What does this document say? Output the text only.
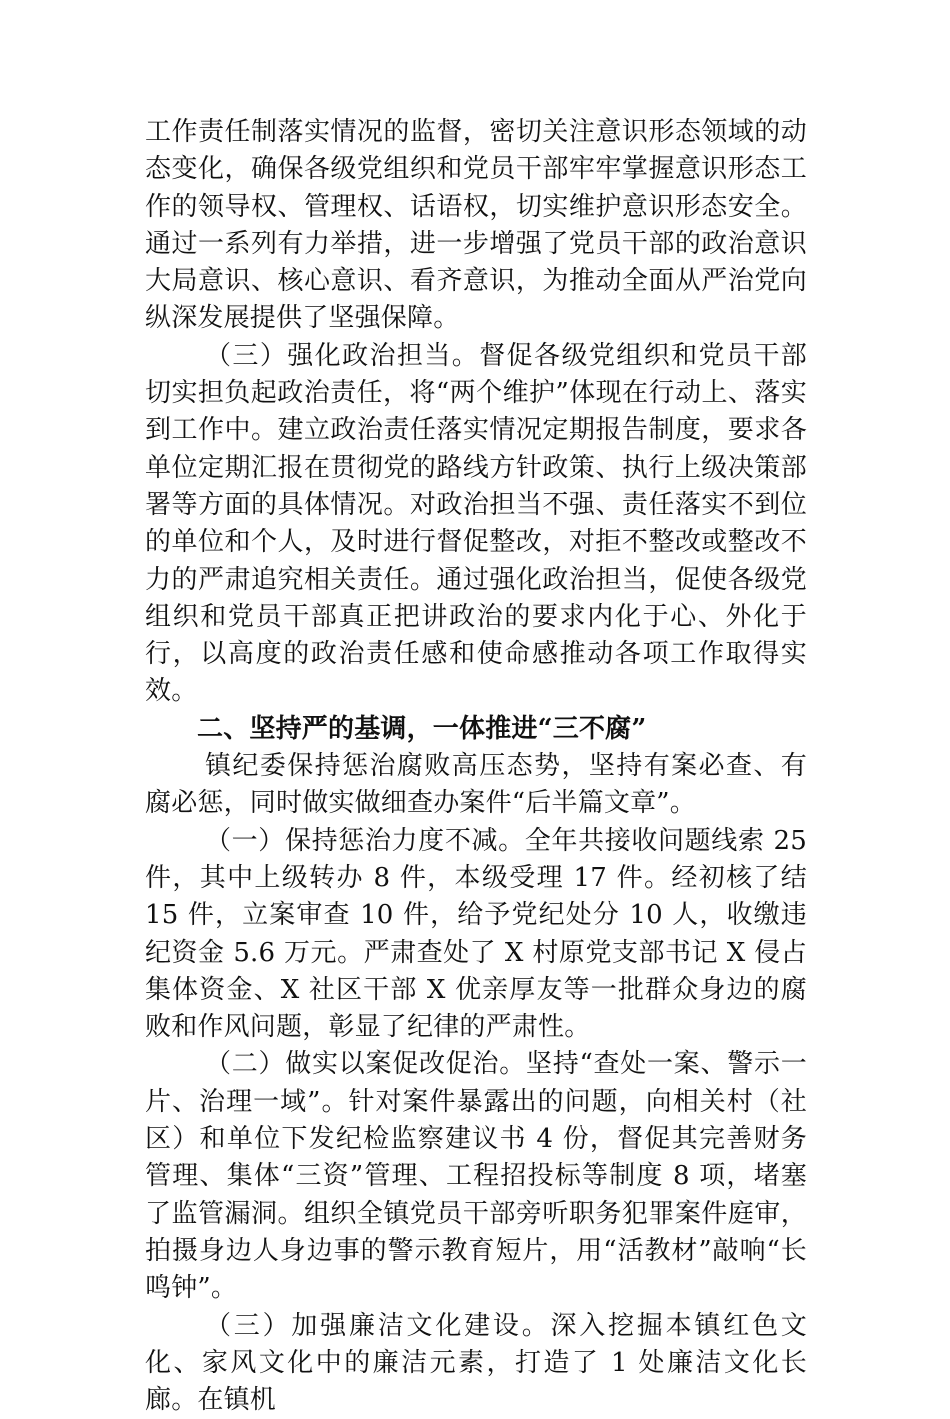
工作责任制落实情况的监督，密切关注意识形态领域的动态变化，确保各级党组织和党员干部牢牢掌握意识形态工作的领导权、管理权、话语权，切实维护意识形态安全。通过一系列有力举措，进一步增强了党员干部的政治意识大局意识、核心意识、看齐意识，为推动全面从严治党向纵深发展提供了坚强保障。

（三）强化政治担当。督促各级党组织和党员干部切实担负起政治责任，将“两个维护”体现在行动上、落实到工作中。建立政治责任落实情况定期报告制度，要求各单位定期汇报在贯彻党的路线方针政策、执行上级决策部署等方面的具体情况。对政治担当不强、责任落实不到位的单位和个人，及时进行督促整改，对拒不整改或整改不力的严肃追究相关责任。通过强化政治担当，促使各级党组织和党员干部真正把讲政治的要求内化于心、外化于行，以高度的政治责任感和使命感推动各项工作取得实效。

二、坚持严的基调，一体推进“三不腐”

镇纪委保持惩治腐败高压态势，坚持有案必查、有腐必惩，同时做实做细查办案件“后半篇文章”。

（一）保持惩治力度不减。全年共接收问题线索 25 件，其中上级转办 8 件，本级受理 17 件。经初核了结 15 件，立案审查 10 件，给予党纪处分 10 人，收缴违纪资金 5.6 万元。严肃查处了 X 村原党支部书记 X 侵占集体资金、X 社区干部 X 优亲厚友等一批群众身边的腐败和作风问题，彰显了纪律的严肃性。

（二）做实以案促改促治。坚持“查处一案、警示一片、治理一域”。针对案件暴露出的问题，向相关村（社区）和单位下发纪检监察建议书 4 份，督促其完善财务管理、集体“三资”管理、工程招投标等制度 8 项，堵塞了监管漏洞。组织全镇党员干部旁听职务犯罪案件庭审，拍摄身边人身边事的警示教育短片，用“活教材”敲响“长鸣钟”。

（三）加强廉洁文化建设。深入挖掘本镇红色文化、家风文化中的廉洁元素，打造了 1 处廉洁文化长廊。在镇机
